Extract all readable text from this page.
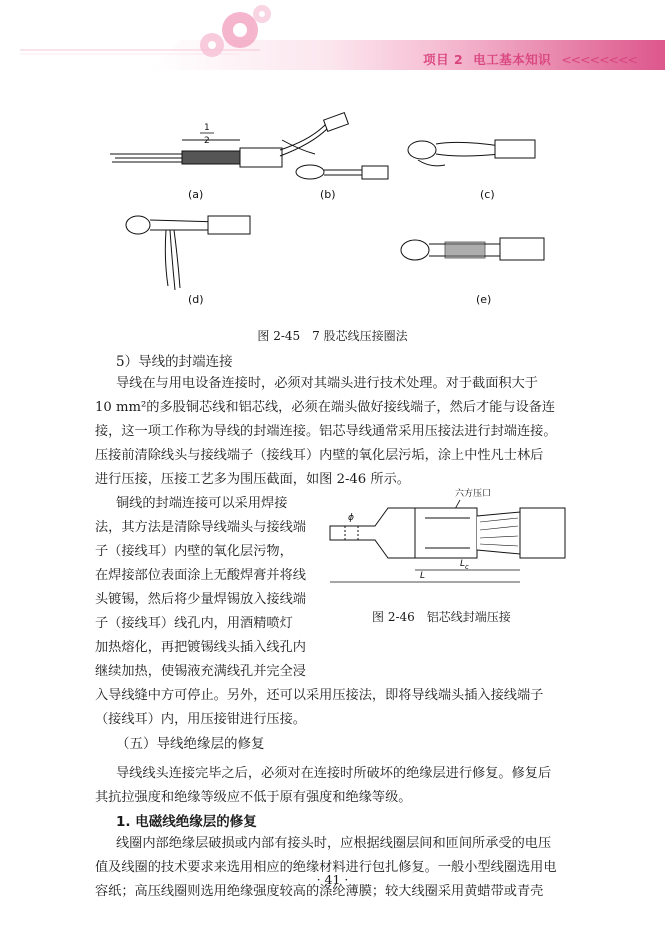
项目 2 电工基本知识 <<<<<<<<
1
2
(a)	(b)	(c)
(d)	(e)
图 2-45　7 股芯线压接圈法
5）导线的封端连接
导线在与用电设备连接时，必须对其端头进行技术处理。对于截面积大于
10 mm²的多股铜芯线和铝芯线，必须在端头做好接线端子，然后才能与设备连
接，这一项工作称为导线的封端连接。铝芯导线通常采用压接法进行封端连接。
压接前清除线头与接线端子（接线耳）内壁的氧化层污垢，涂上中性凡士林后
进行压接，压接工艺多为围压截面，如图 2-46 所示。
铜线的封端连接可以采用焊接
法，其方法是清除导线端头与接线端
子（接线耳）内壁的氧化层污物，
在焊接部位表面涂上无酸焊膏并将线
头镀锡，然后将少量焊锡放入接线端
子（接线耳）线孔内，用酒精喷灯
加热熔化，再把镀锡线头插入线孔内
继续加热，使锡液充满线孔并完全浸
六方压口
ϕ
$L_c$
L
图 2-46　铝芯线封端压接
入导线缝中方可停止。另外，还可以采用压接法，即将导线端头插入接线端子
（接线耳）内，用压接钳进行压接。
（五）导线绝缘层的修复
导线线头连接完毕之后，必须对在连接时所破坏的绝缘层进行修复。修复后
其抗拉强度和绝缘等级应不低于原有强度和绝缘等级。
1. 电磁线绝缘层的修复
线圈内部绝缘层破损或内部有接头时，应根据线圈层间和匝间所承受的电压
值及线圈的技术要求来选用相应的绝缘材料进行包扎修复。一般小型线圈选用电
容纸；高压线圈则选用绝缘强度较高的涤纶薄膜；较大线圈采用黄蜡带或青壳
· 41 ·
